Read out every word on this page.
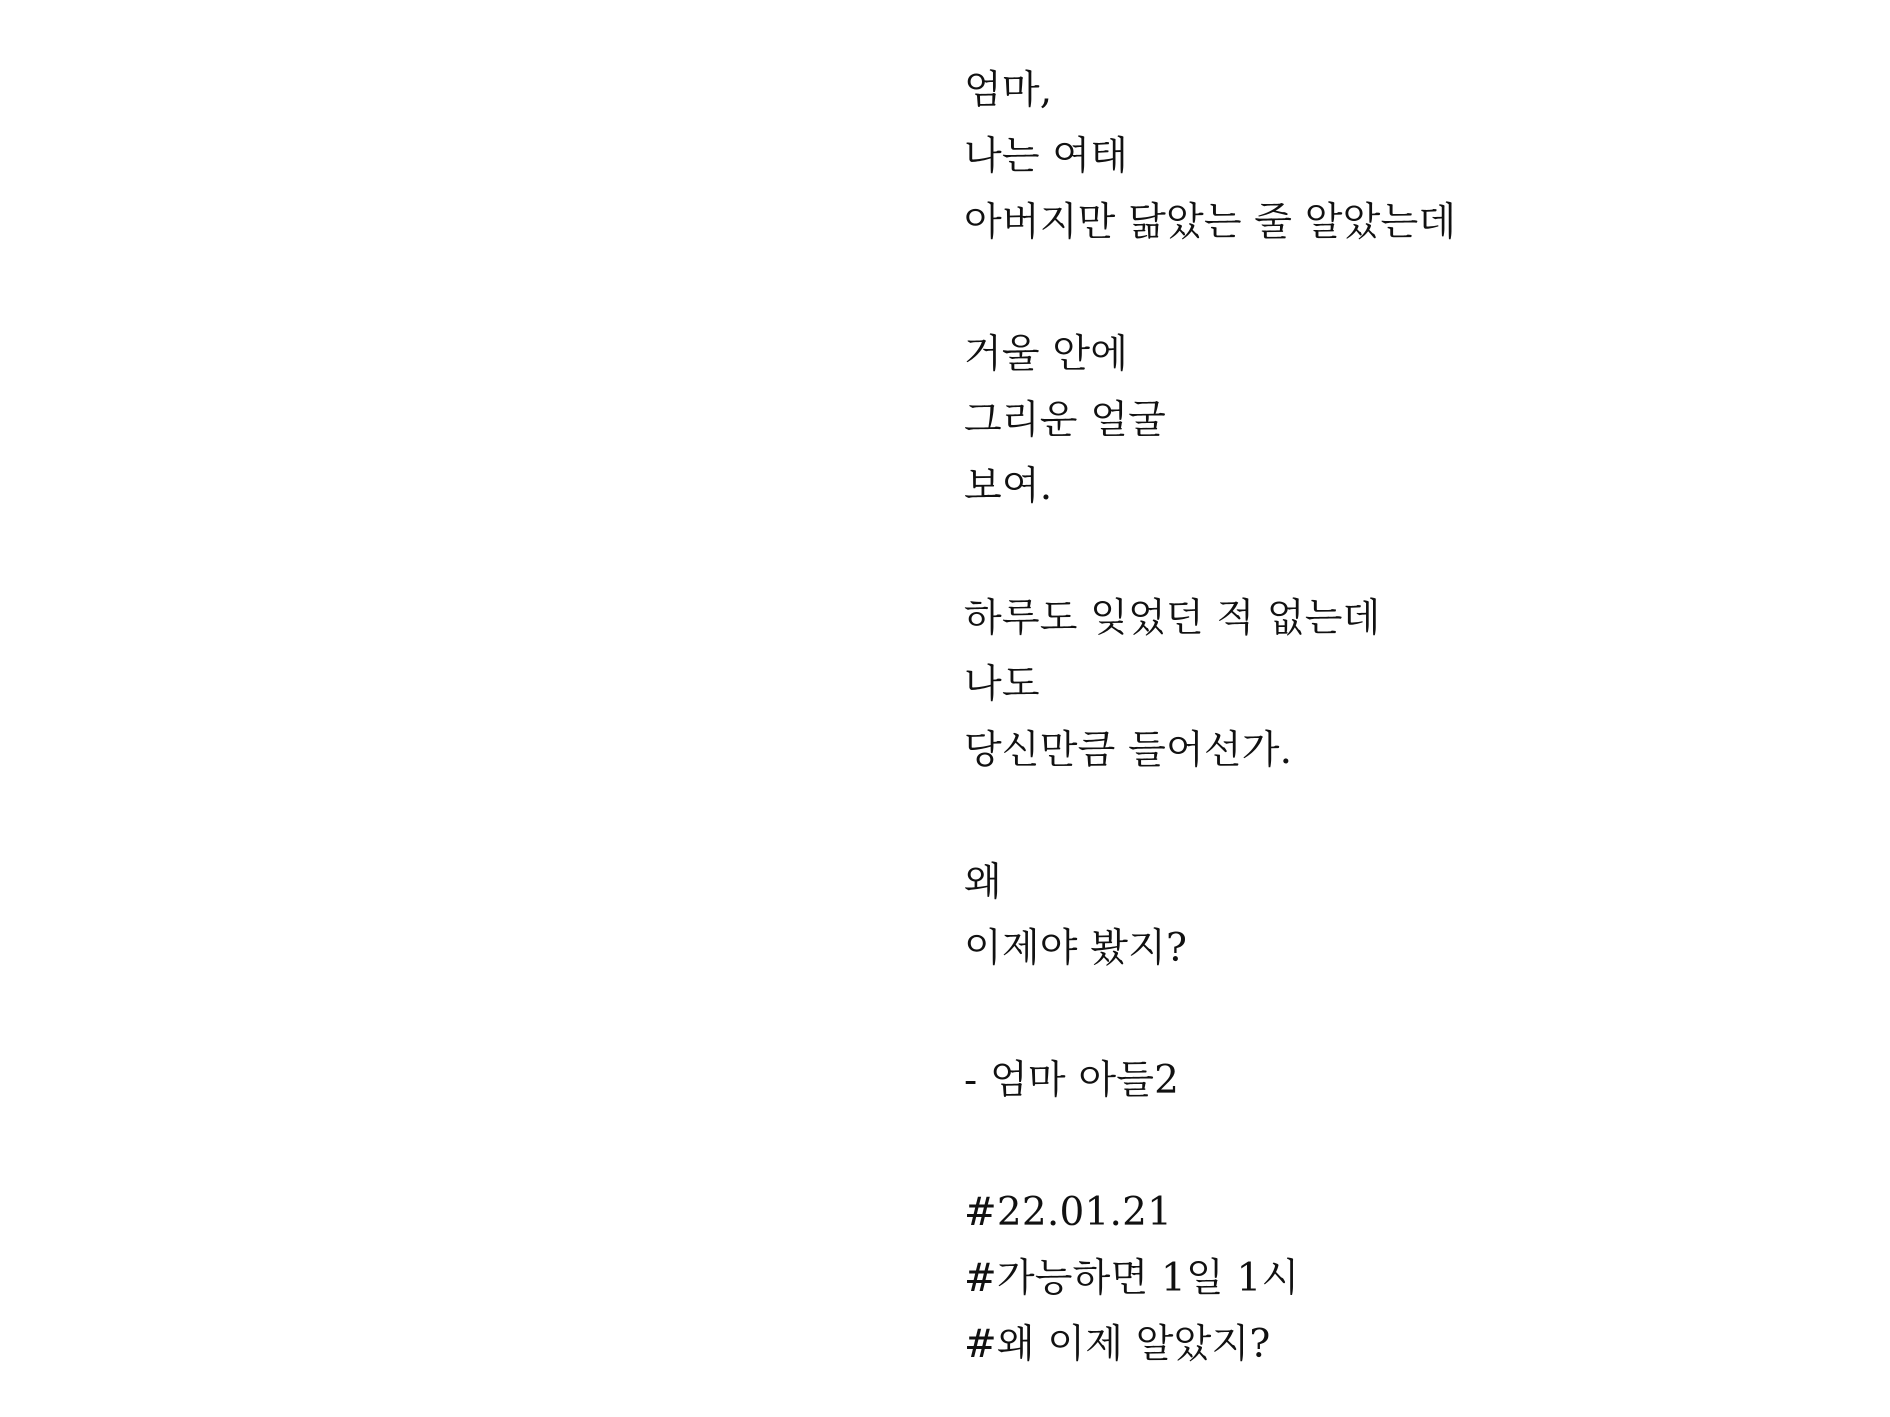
엄마,
나는 여태
아버지만 닮았는 줄 알았는데
거울 안에
그리운 얼굴
보여.
하루도 잊었던 적 없는데
나도
당신만큼 들어선가.
왜
이제야 봤지?
- 엄마 아들2
#22.01.21
#가능하면 1일 1시
#왜 이제 알았지?
